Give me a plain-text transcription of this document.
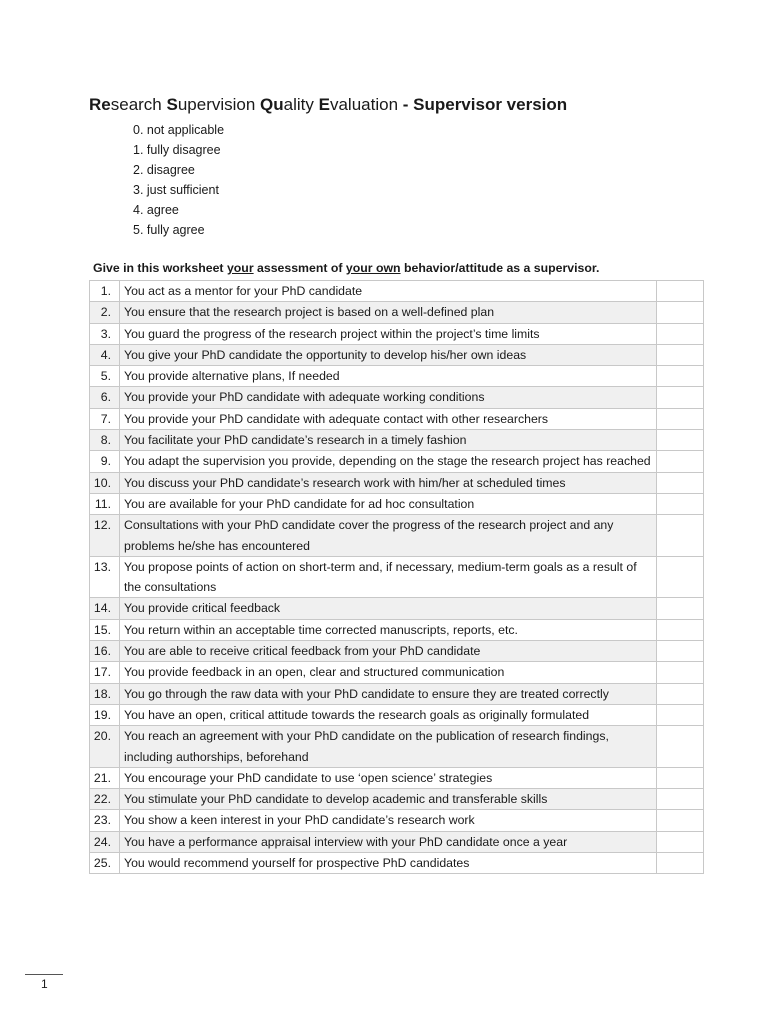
Research Supervision Quality Evaluation - Supervisor version
0. not applicable
1. fully disagree
2. disagree
3. just sufficient
4. agree
5. fully agree
Give in this worksheet your assessment of your own behavior/attitude as a supervisor.
1.	You act as a mentor for your PhD candidate	
2.	You ensure that the research project is based on a well-defined plan	
3.	You guard the progress of the research project within the project’s time limits	
4.	You give your PhD candidate the opportunity to develop his/her own ideas	
5.	You provide alternative plans, If needed	
6.	You provide your PhD candidate with adequate working conditions	
7.	You provide your PhD candidate with adequate contact with other researchers	
8.	You facilitate your PhD candidate’s research in a timely fashion	
9.	You adapt the supervision you provide, depending on the stage the research project has reached	
10.	You discuss your PhD candidate’s research work with him/her at scheduled times	
11.	You are available for your PhD candidate for ad hoc consultation	
12.	Consultations with your PhD candidate cover the progress of the research project and any problems he/she has encountered	
13.	You propose points of action on short-term and, if necessary, medium-term goals as a result of the consultations	
14.	You provide critical feedback	
15.	You return within an acceptable time corrected manuscripts, reports, etc.	
16.	You are able to receive critical feedback from your PhD candidate	
17.	You provide feedback in an open, clear and structured communication	
18.	You go through the raw data with your PhD candidate to ensure they are treated correctly	
19.	You have an open, critical attitude towards the research goals as originally formulated	
20.	You reach an agreement with your PhD candidate on the publication of research findings, including authorships, beforehand	
21.	You encourage your PhD candidate to use ‘open science’ strategies	
22.	You stimulate your PhD candidate to develop academic and transferable skills	
23.	You show a keen interest in your PhD candidate’s research work	
24.	You have a performance appraisal interview with your PhD candidate once a year	
25.	You would recommend yourself for prospective PhD candidates	
1
